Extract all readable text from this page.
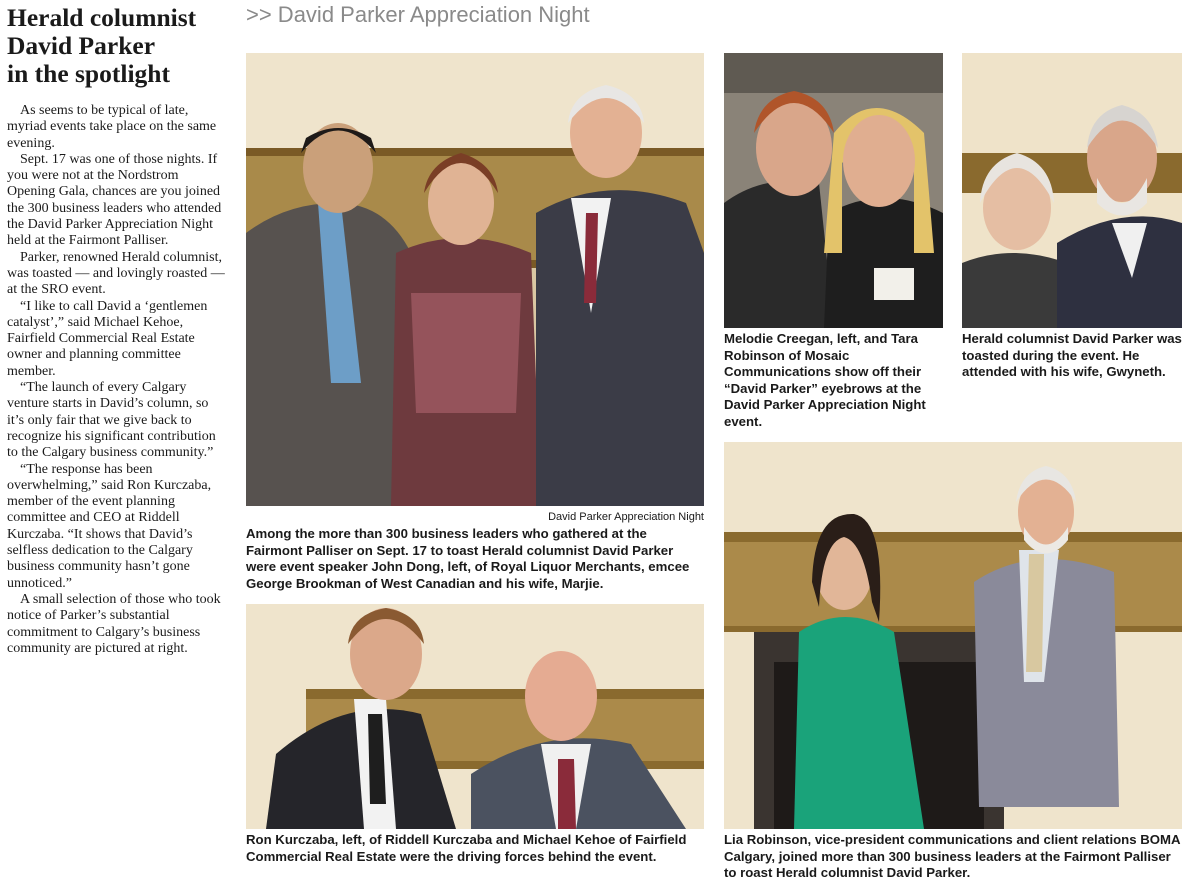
Herald columnist
David Parker
in the spotlight

As seems to be typical of late, myriad events take place on the same evening.

Sept. 17 was one of those nights. If you were not at the Nordstrom Opening Gala, chances are you joined the 300 business leaders who attended the David Parker Appreciation Night held at the Fairmont Palliser.

Parker, renowned Herald columnist, was toasted — and lovingly roasted — at the SRO event.

“I like to call David a ‘gentlemen catalyst’,” said Michael Kehoe, Fairfield Commercial Real Estate owner and planning committee member.

“The launch of every Calgary venture starts in David’s column, so it’s only fair that we give back to recognize his significant contribution to the Calgary business community.”

“The response has been overwhelming,” said Ron Kurczaba, member of the event planning committee and CEO at Riddell Kurczaba. “It shows that David’s selfless dedication to the Calgary business community hasn’t gone unnoticed.”

A small selection of those who took notice of Parker’s substantial commitment to Calgary’s business community are pictured at right.

>> David Parker Appreciation Night
David Parker Appreciation Night
Among the more than 300 business leaders who gathered at the Fairmont Palliser on Sept. 17 to toast Herald columnist David Parker were event speaker John Dong, left, of Royal Liquor Merchants, emcee George Brookman of West Canadian and his wife, Marjie.
Melodie Creegan, left, and Tara Robinson of Mosaic Communications show off their “David Parker” eyebrows at the David Parker Appreciation Night event.
Herald columnist David Parker was toasted during the event. He attended with his wife, Gwyneth.
Ron Kurczaba, left, of Riddell Kurczaba and Michael Kehoe of Fairfield Commercial Real Estate were the driving forces behind the event.
Lia Robinson, vice-president communications and client relations BOMA Calgary, joined more than 300 business leaders at the Fairmont Palliser to roast Herald columnist David Parker.
